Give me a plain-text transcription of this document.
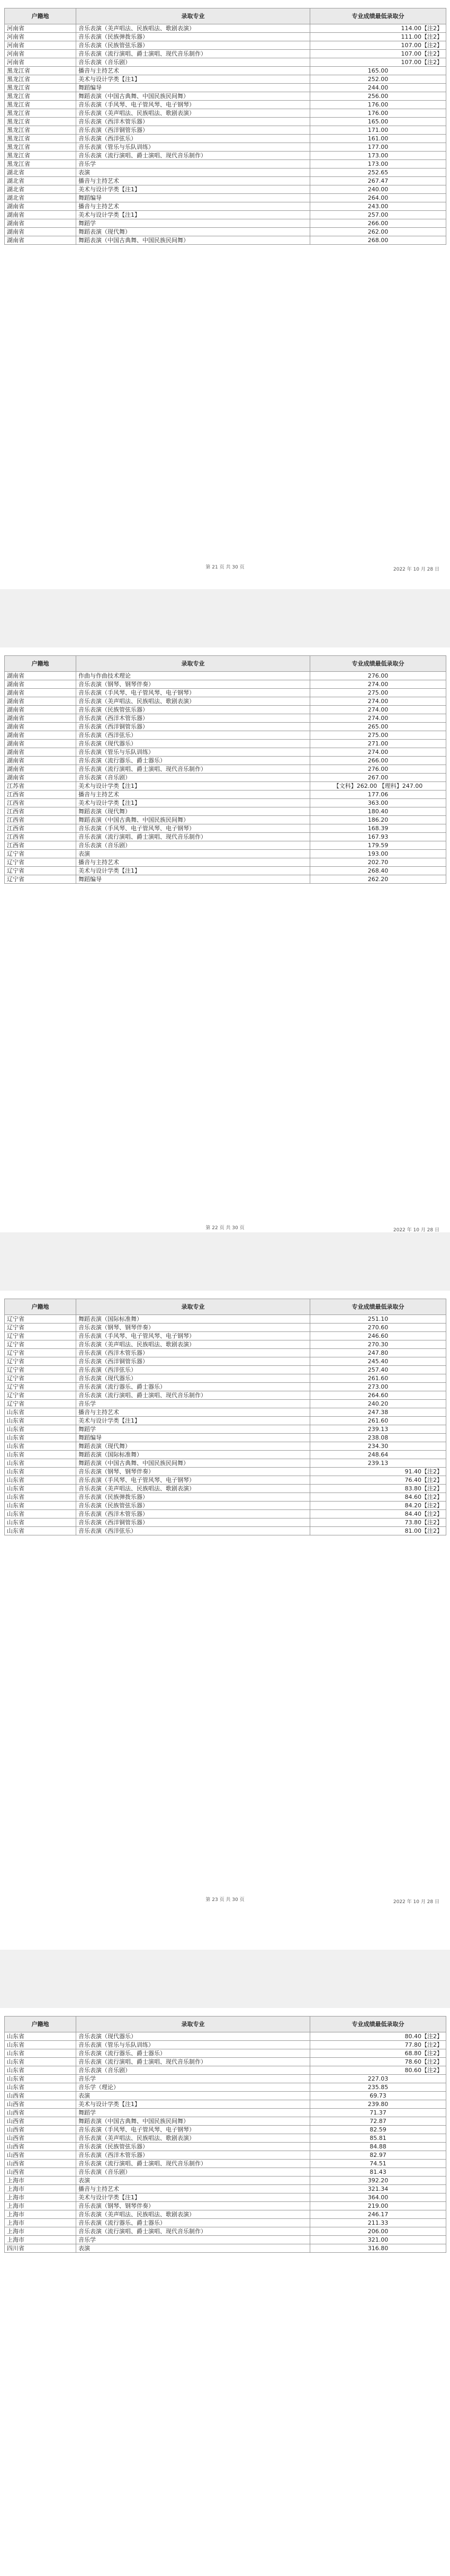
户籍地	录取专业	专业成绩最低录取分
河南省	音乐表演（美声唱法、民族唱法、歌剧表演）	114.00【注2】
河南省	音乐表演（民族弹拨乐器）	111.00【注2】
河南省	音乐表演（民族管弦乐器）	107.00【注2】
河南省	音乐表演（流行演唱、爵士演唱、现代音乐制作）	107.00【注2】
河南省	音乐表演（音乐剧）	107.00【注2】
黑龙江省	播音与主持艺术	165.00
黑龙江省	美术与设计学类【注1】	252.00
黑龙江省	舞蹈编导	244.00
黑龙江省	舞蹈表演（中国古典舞、中国民族民间舞）	256.00
黑龙江省	音乐表演（手风琴、电子管风琴、电子钢琴）	176.00
黑龙江省	音乐表演（美声唱法、民族唱法、歌剧表演）	176.00
黑龙江省	音乐表演（西洋木管乐器）	165.00
黑龙江省	音乐表演（西洋铜管乐器）	171.00
黑龙江省	音乐表演（西洋弦乐）	161.00
黑龙江省	音乐表演（管乐与乐队训练）	177.00
黑龙江省	音乐表演（流行演唱、爵士演唱、现代音乐制作）	173.00
黑龙江省	音乐学	173.00
湖北省	表演	252.65
湖北省	播音与主持艺术	267.47
湖北省	美术与设计学类【注1】	240.00
湖北省	舞蹈编导	264.00
湖南省	播音与主持艺术	243.00
湖南省	美术与设计学类【注1】	257.00
湖南省	舞蹈学	266.00
湖南省	舞蹈表演（现代舞）	262.00
湖南省	舞蹈表演（中国古典舞、中国民族民间舞）	268.00
第 21 页 共 30 页	2022 年 10 月 28 日
户籍地	录取专业	专业成绩最低录取分
湖南省	作曲与作曲技术理论	276.00
湖南省	音乐表演（钢琴、钢琴伴奏）	274.00
湖南省	音乐表演（手风琴、电子管风琴、电子钢琴）	275.00
湖南省	音乐表演（美声唱法、民族唱法、歌剧表演）	274.00
湖南省	音乐表演（民族管弦乐器）	274.00
湖南省	音乐表演（西洋木管乐器）	274.00
湖南省	音乐表演（西洋铜管乐器）	265.00
湖南省	音乐表演（西洋弦乐）	275.00
湖南省	音乐表演（现代器乐）	271.00
湖南省	音乐表演（管乐与乐队训练）	274.00
湖南省	音乐表演（流行器乐、爵士器乐）	266.00
湖南省	音乐表演（流行演唱、爵士演唱、现代音乐制作）	276.00
湖南省	音乐表演（音乐剧）	267.00
江苏省	美术与设计学类【注1】	【文科】262.00 【理科】247.00
江西省	播音与主持艺术	177.06
江西省	美术与设计学类【注1】	363.00
江西省	舞蹈表演（现代舞）	180.40
江西省	舞蹈表演（中国古典舞、中国民族民间舞）	186.20
江西省	音乐表演（手风琴、电子管风琴、电子钢琴）	168.39
江西省	音乐表演（流行演唱、爵士演唱、现代音乐制作）	167.93
江西省	音乐表演（音乐剧）	179.59
辽宁省	表演	193.00
辽宁省	播音与主持艺术	202.70
辽宁省	美术与设计学类【注1】	268.40
辽宁省	舞蹈编导	262.20
第 22 页 共 30 页	2022 年 10 月 28 日
户籍地	录取专业	专业成绩最低录取分
辽宁省	舞蹈表演（国际标准舞）	251.10
辽宁省	音乐表演（钢琴、钢琴伴奏）	270.60
辽宁省	音乐表演（手风琴、电子管风琴、电子钢琴）	246.60
辽宁省	音乐表演（美声唱法、民族唱法、歌剧表演）	270.30
辽宁省	音乐表演（西洋木管乐器）	247.80
辽宁省	音乐表演（西洋铜管乐器）	245.40
辽宁省	音乐表演（西洋弦乐）	257.40
辽宁省	音乐表演（现代器乐）	261.60
辽宁省	音乐表演（流行器乐、爵士器乐）	273.00
辽宁省	音乐表演（流行演唱、爵士演唱、现代音乐制作）	264.60
辽宁省	音乐学	240.20
山东省	播音与主持艺术	247.38
山东省	美术与设计学类【注1】	261.60
山东省	舞蹈学	239.13
山东省	舞蹈编导	238.08
山东省	舞蹈表演（现代舞）	234.30
山东省	舞蹈表演（国际标准舞）	248.64
山东省	舞蹈表演（中国古典舞、中国民族民间舞）	239.13
山东省	音乐表演（钢琴、钢琴伴奏）	91.40【注2】
山东省	音乐表演（手风琴、电子管风琴、电子钢琴）	76.40【注2】
山东省	音乐表演（美声唱法、民族唱法、歌剧表演）	83.80【注2】
山东省	音乐表演（民族弹拨乐器）	84.60【注2】
山东省	音乐表演（民族管弦乐器）	84.20【注2】
山东省	音乐表演（西洋木管乐器）	84.40【注2】
山东省	音乐表演（西洋铜管乐器）	73.80【注2】
山东省	音乐表演（西洋弦乐）	81.00【注2】
第 23 页 共 30 页	2022 年 10 月 28 日
户籍地	录取专业	专业成绩最低录取分
山东省	音乐表演（现代器乐）	80.40【注2】
山东省	音乐表演（管乐与乐队训练）	77.80【注2】
山东省	音乐表演（流行器乐、爵士器乐）	68.80【注2】
山东省	音乐表演（流行演唱、爵士演唱、现代音乐制作）	78.60【注2】
山东省	音乐表演（音乐剧）	80.60【注2】
山东省	音乐学	227.03
山东省	音乐学（理论）	235.85
山西省	表演	69.73
山西省	美术与设计学类【注1】	239.80
山西省	舞蹈学	71.37
山西省	舞蹈表演（中国古典舞、中国民族民间舞）	72.87
山西省	音乐表演（手风琴、电子管风琴、电子钢琴）	82.59
山西省	音乐表演（美声唱法、民族唱法、歌剧表演）	85.81
山西省	音乐表演（民族管弦乐器）	84.88
山西省	音乐表演（西洋木管乐器）	82.97
山西省	音乐表演（流行演唱、爵士演唱、现代音乐制作）	74.51
山西省	音乐表演（音乐剧）	81.43
上海市	表演	392.20
上海市	播音与主持艺术	321.34
上海市	美术与设计学类【注1】	364.00
上海市	音乐表演（钢琴、钢琴伴奏）	219.00
上海市	音乐表演（美声唱法、民族唱法、歌剧表演）	246.17
上海市	音乐表演（流行器乐、爵士器乐）	211.33
上海市	音乐表演（流行演唱、爵士演唱、现代音乐制作）	206.00
上海市	音乐学	321.00
四川省	表演	316.80
